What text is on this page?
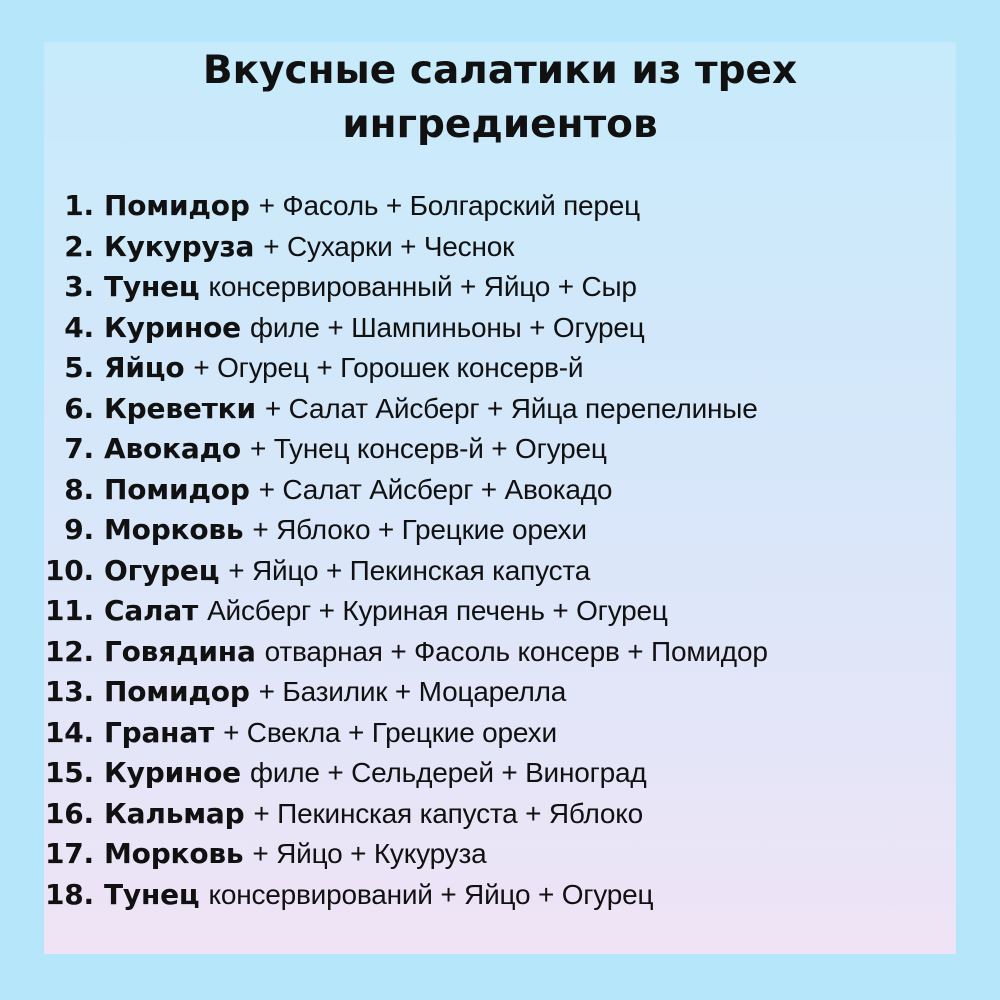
Вкусные салатики из трех
ингредиентов
1. Помидор + Фасоль + Болгарский перец
2. Кукуруза + Сухарки + Чеснок
3. Тунец консервированный + Яйцо + Сыр
4. Куриное филе + Шампиньоны + Огурец
5. Яйцо + Огурец + Горошек консерв-й
6. Креветки + Салат Айсберг + Яйца перепелиные
7. Авокадо + Тунец консерв-й + Огурец
8. Помидор + Салат Айсберг + Авокадо
9. Морковь + Яблоко + Грецкие орехи
10. Огурец + Яйцо + Пекинская капуста
11. Салат Айсберг + Куриная печень + Огурец
12. Говядина отварная + Фасоль консерв + Помидор
13. Помидор + Базилик + Моцарелла
14. Гранат + Свекла + Грецкие орехи
15. Куриное филе + Сельдерей + Виноград
16. Кальмар + Пекинская капуста + Яблоко
17. Морковь + Яйцо + Кукуруза
18. Тунец консервирований + Яйцо + Огурец
